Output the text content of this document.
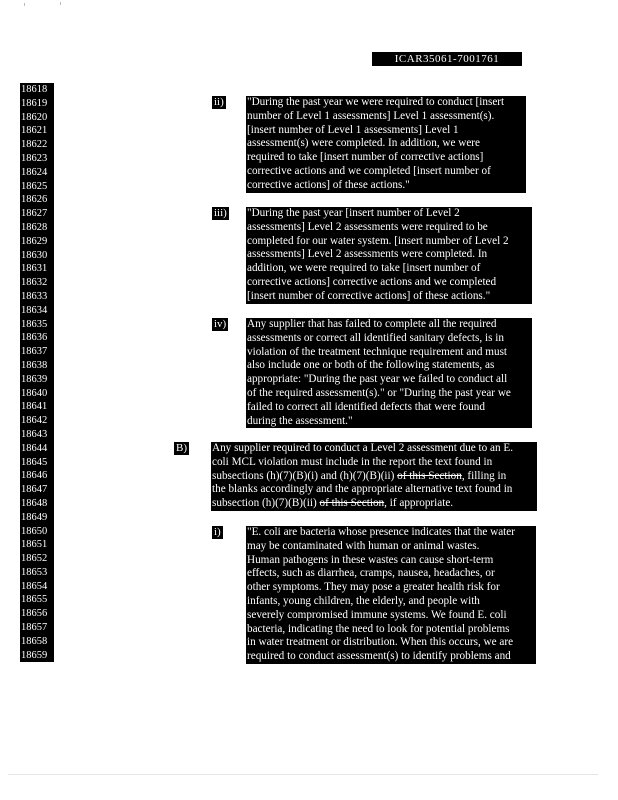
ICAR35061-7001761
18618
18619
18620
18621
18622
18623
18624
18625
18626
18627
18628
18629
18630
18631
18632
18633
18634
18635
18636
18637
18638
18639
18640
18641
18642
18643
18644
18645
18646
18647
18648
18649
18650
18651
18652
18653
18654
18655
18656
18657
18658
18659
ii) "During the past year we were required to conduct [insert
number of Level 1 assessments] Level 1 assessment(s).
[insert number of Level 1 assessments] Level 1
assessment(s) were completed. In addition, we were
required to take [insert number of corrective actions]
corrective actions and we completed [insert number of
corrective actions] of these actions."
iii) "During the past year [insert number of Level 2
assessments] Level 2 assessments were required to be
completed for our water system. [insert number of Level 2
assessments] Level 2 assessments were completed. In
addition, we were required to take [insert number of
corrective actions] corrective actions and we completed
[insert number of corrective actions] of these actions."
iv) Any supplier that has failed to complete all the required
assessments or correct all identified sanitary defects, is in
violation of the treatment technique requirement and must
also include one or both of the following statements, as
appropriate: "During the past year we failed to conduct all
of the required assessment(s)." or "During the past year we
failed to correct all identified defects that were found
during the assessment."
B) Any supplier required to conduct a Level 2 assessment due to an E.
coli MCL violation must include in the report the text found in
subsections (h)(7)(B)(i) and (h)(7)(B)(ii) of this Section, filling in
the blanks accordingly and the appropriate alternative text found in
subsection (h)(7)(B)(ii) of this Section, if appropriate.
i) "E. coli are bacteria whose presence indicates that the water
may be contaminated with human or animal wastes.
Human pathogens in these wastes can cause short-term
effects, such as diarrhea, cramps, nausea, headaches, or
other symptoms. They may pose a greater health risk for
infants, young children, the elderly, and people with
severely compromised immune systems. We found E. coli
bacteria, indicating the need to look for potential problems
in water treatment or distribution. When this occurs, we are
required to conduct assessment(s) to identify problems and
